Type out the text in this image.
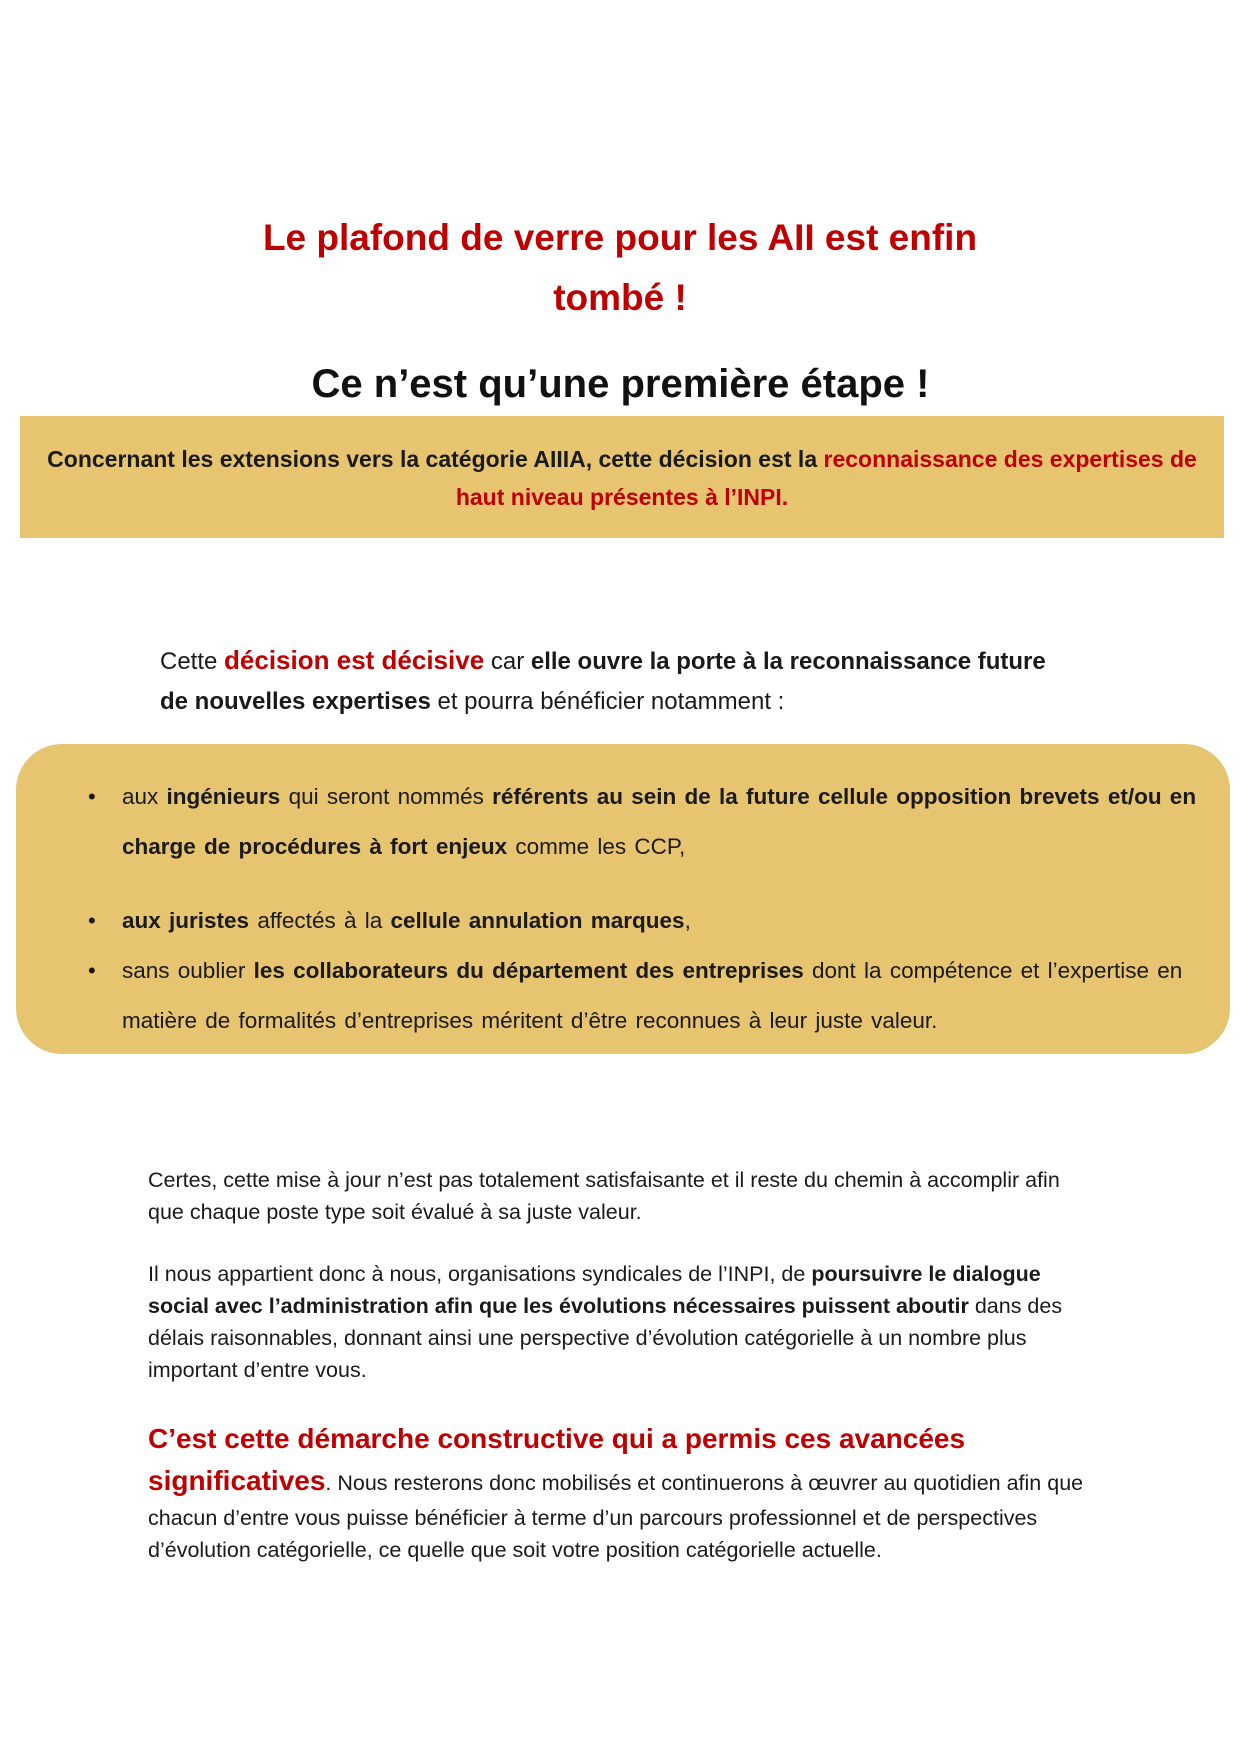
Le plafond de verre pour les AII est enfin
tombé !
Ce n’est qu’une première étape !

Concernant les extensions vers la catégorie AIIIA, cette décision est la reconnaissance des expertises de haut niveau présentes à l’INPI.

Cette décision est décisive car elle ouvre la porte à la reconnaissance future de nouvelles expertises et pourra bénéficier notamment :

• aux ingénieurs qui seront nommés référents au sein de la future cellule opposition brevets et/ou en charge de procédures à fort enjeux comme les CCP,
• aux juristes affectés à la cellule annulation marques,
• sans oublier les collaborateurs du département des entreprises dont la compétence et l’expertise en matière de formalités d’entreprises méritent d’être reconnues à leur juste valeur.

Certes, cette mise à jour n’est pas totalement satisfaisante et il reste du chemin à accomplir afin que chaque poste type soit évalué à sa juste valeur.

Il nous appartient donc à nous, organisations syndicales de l’INPI, de poursuivre le dialogue social avec l’administration afin que les évolutions nécessaires puissent aboutir dans des délais raisonnables, donnant ainsi une perspective d’évolution catégorielle à un nombre plus important d’entre vous.

C’est cette démarche constructive qui a permis ces avancées significatives. Nous resterons donc mobilisés et continuerons à œuvrer au quotidien afin que chacun d’entre vous puisse bénéficier à terme d’un parcours professionnel et de perspectives d’évolution catégorielle, ce quelle que soit votre position catégorielle actuelle.
